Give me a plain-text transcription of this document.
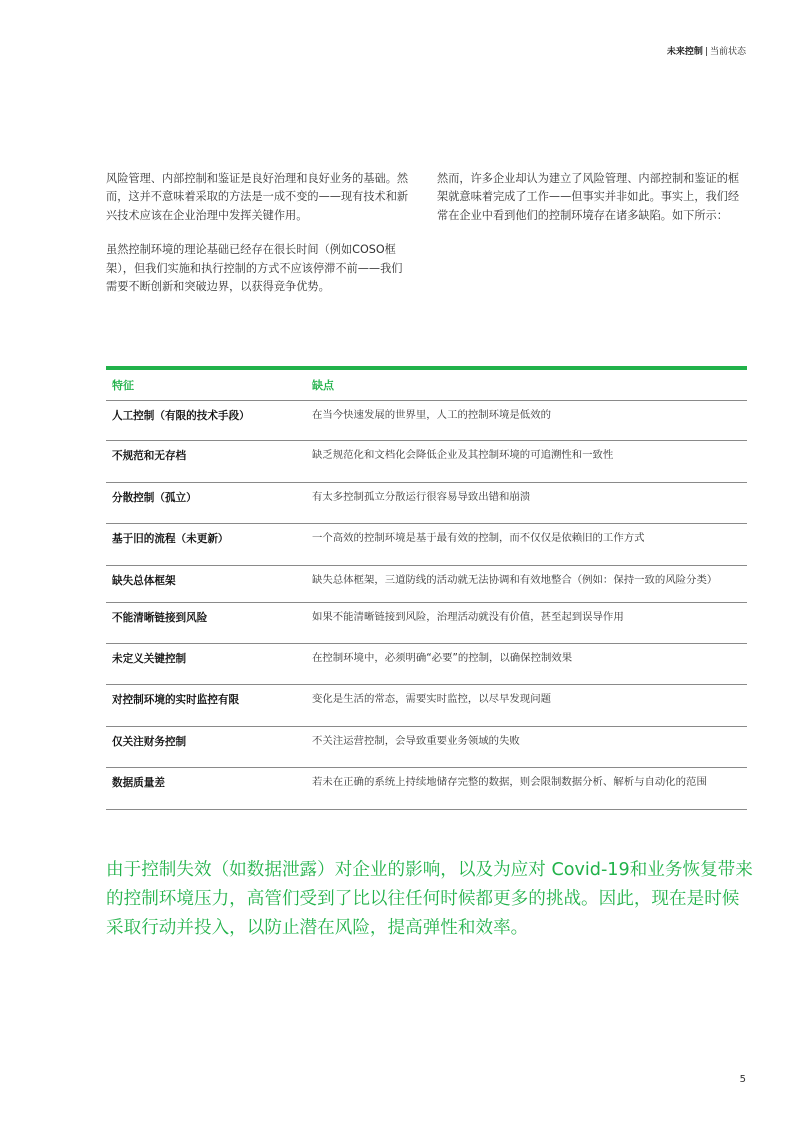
未来控制 | 当前状态

风险管理、内部控制和鉴证是良好治理和良好业务的基础。然而，这并不意味着采取的方法是一成不变的——现有技术和新兴技术应该在企业治理中发挥关键作用。

虽然控制环境的理论基础已经存在很长时间（例如COSO框架），但我们实施和执行控制的方式不应该停滞不前——我们需要不断创新和突破边界，以获得竞争优势。

然而，许多企业却认为建立了风险管理、内部控制和鉴证的框架就意味着完成了工作——但事实并非如此。事实上，我们经常在企业中看到他们的控制环境存在诸多缺陷。如下所示：

特征	缺点
人工控制（有限的技术手段）	在当今快速发展的世界里，人工的控制环境是低效的
不规范和无存档	缺乏规范化和文档化会降低企业及其控制环境的可追溯性和一致性
分散控制（孤立）	有太多控制孤立分散运行很容易导致出错和崩溃
基于旧的流程（未更新）	一个高效的控制环境是基于最有效的控制，而不仅仅是依赖旧的工作方式
缺失总体框架	缺失总体框架，三道防线的活动就无法协调和有效地整合（例如：保持一致的风险分类）
不能清晰链接到风险	如果不能清晰链接到风险，治理活动就没有价值，甚至起到误导作用
未定义关键控制	在控制环境中，必须明确“必要”的控制，以确保控制效果
对控制环境的实时监控有限	变化是生活的常态，需要实时监控，以尽早发现问题
仅关注财务控制	不关注运营控制，会导致重要业务领域的失败
数据质量差	若未在正确的系统上持续地储存完整的数据，则会限制数据分析、解析与自动化的范围
由于控制失效（如数据泄露）对企业的影响，以及为应对 Covid-19和业务恢复带来的控制环境压力，高管们受到了比以往任何时候都更多的挑战。因此，现在是时候采取行动并投入，以防止潜在风险，提高弹性和效率。
5
